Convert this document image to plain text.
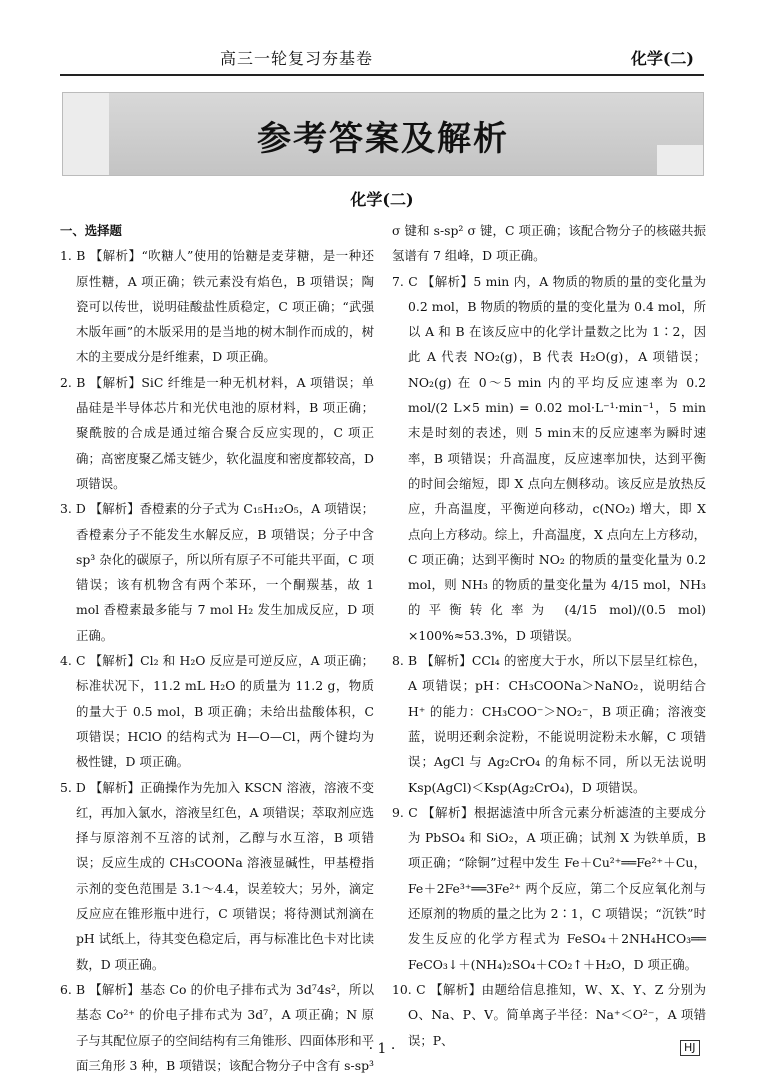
高三一轮复习夯基卷	化学(二)
参考答案及解析
化学(二)

一、选择题

1. B 【解析】“吹糖人”使用的饴糖是麦芽糖，是一种还原性糖，A 项正确；铁元素没有焰色，B 项错误；陶瓷可以传世，说明硅酸盐性质稳定，C 项正确；“武强木版年画”的木版采用的是当地的树木制作而成的，树木的主要成分是纤维素，D 项正确。

2. B 【解析】SiC 纤维是一种无机材料，A 项错误；单晶硅是半导体芯片和光伏电池的原材料，B 项正确；聚酰胺的合成是通过缩合聚合反应实现的，C 项正确；高密度聚乙烯支链少，软化温度和密度都较高，D 项错误。

3. D 【解析】香橙素的分子式为 C₁₅H₁₂O₅，A 项错误；香橙素分子不能发生水解反应，B 项错误；分子中含 sp³ 杂化的碳原子，所以所有原子不可能共平面，C 项错误；该有机物含有两个苯环，一个酮羰基，故 1 mol 香橙素最多能与 7 mol H₂ 发生加成反应，D 项正确。

4. C 【解析】Cl₂ 和 H₂O 反应是可逆反应，A 项正确；标准状况下，11.2 mL H₂O 的质量为 11.2 g，物质的量大于 0.5 mol，B 项正确；未给出盐酸体积，C 项错误；HClO 的结构式为 H—O—Cl，两个键均为极性键，D 项正确。

5. D 【解析】正确操作为先加入 KSCN 溶液，溶液不变红，再加入氯水，溶液呈红色，A 项错误；萃取剂应选择与原溶剂不互溶的试剂，乙醇与水互溶，B 项错误；反应生成的 CH₃COONa 溶液显碱性，甲基橙指示剂的变色范围是 3.1～4.4，误差较大；另外，滴定反应应在锥形瓶中进行，C 项错误；将待测试剂滴在 pH 试纸上，待其变色稳定后，再与标准比色卡对比读数，D 项正确。

6. B 【解析】基态 Co 的价电子排布式为 3d⁷4s²，所以基态 Co²⁺ 的价电子排布式为 3d⁷，A 项正确；N 原子与其配位原子的空间结构有三角锥形、四面体形和平面三角形 3 种，B 项错误；该配合物分子中含有 s-sp³

σ 键和 s-sp² σ 键，C 项正确；该配合物分子的核磁共振氢谱有 7 组峰，D 项正确。

7. C 【解析】5 min 内，A 物质的物质的量的变化量为 0.2 mol，B 物质的物质的量的变化量为 0.4 mol，所以 A 和 B 在该反应中的化学计量数之比为 1∶2，因此 A 代表 NO₂(g)，B 代表 H₂O(g)，A 项错误；NO₂(g) 在 0～5 min 内的平均反应速率为 0.2 mol/(2 L×5 min) = 0.02 mol·L⁻¹·min⁻¹，5 min 末是时刻的表述，则 5 min末的反应速率为瞬时速率，B 项错误；升高温度，反应速率加快，达到平衡的时间会缩短，即 X 点向左侧移动。该反应是放热反应，升高温度，平衡逆向移动，c(NO₂) 增大，即 X 点向上方移动。综上，升高温度，X 点向左上方移动，C 项正确；达到平衡时 NO₂ 的物质的量变化量为 0.2 mol，则 NH₃ 的物质的量变化量为 4/15 mol，NH₃ 的平衡转化率为 (4/15 mol)/(0.5 mol) ×100%≈53.3%，D 项错误。

8. B 【解析】CCl₄ 的密度大于水，所以下层呈红棕色，A 项错误；pH：CH₃COONa＞NaNO₂，说明结合 H⁺ 的能力：CH₃COO⁻＞NO₂⁻，B 项正确；溶液变蓝，说明还剩余淀粉，不能说明淀粉未水解，C 项错误；AgCl 与 Ag₂CrO₄ 的角标不同，所以无法说明 Ksp(AgCl)＜Ksp(Ag₂CrO₄)，D 项错误。

9. C 【解析】根据滤渣中所含元素分析滤渣的主要成分为 PbSO₄ 和 SiO₂，A 项正确；试剂 X 为铁单质，B 项正确；“除铜”过程中发生 Fe＋Cu²⁺══Fe²⁺＋Cu，Fe＋2Fe³⁺══3Fe²⁺ 两个反应，第二个反应氧化剂与还原剂的物质的量之比为 2∶1，C 项错误；“沉铁”时发生反应的化学方程式为 FeSO₄＋2NH₄HCO₃══ FeCO₃↓＋(NH₄)₂SO₄＋CO₂↑＋H₂O，D 项正确。

10. C 【解析】由题给信息推知，W、X、Y、Z 分别为 O、Na、P、V。简单离子半径：Na⁺＜O²⁻，A 项错误；P、

· 1 ·	HJ
